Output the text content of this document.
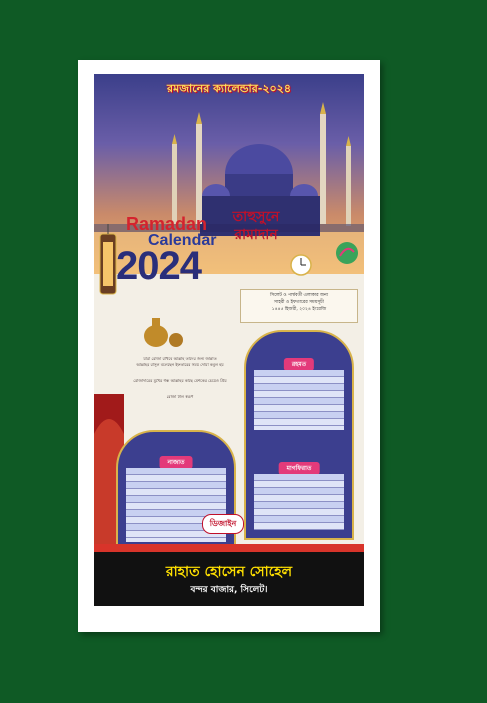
রমজানের ক্যালেন্ডার-২০২৪
Ramadan
Calendar
2024
তাহুসুনে রামাদান
সিলেট ও পার্শ্ববর্তী এলাকার জন্য
সাহরী ও ইফতারের সময়সূচী
১৪৪৫ হিজরী, ২০২৪ ইংরেজি
যারা রোজা রাখবে আল্লাহ তাদের জন্য জান্নাত
আল্লাহর রাসূল বলেছেন ইফতারের সময় দোয়া কবুল হয়
রোজাদারের মুখের গন্ধ আল্লাহর কাছে মেশকের চেয়েও প্রিয়
রোজা ঢাল স্বরূপ
রহমত
মাগফিরাত
নাজাত
ডিজাইন
রাহাত হোসেন সোহেল
বন্দর বাজার, সিলেট।
